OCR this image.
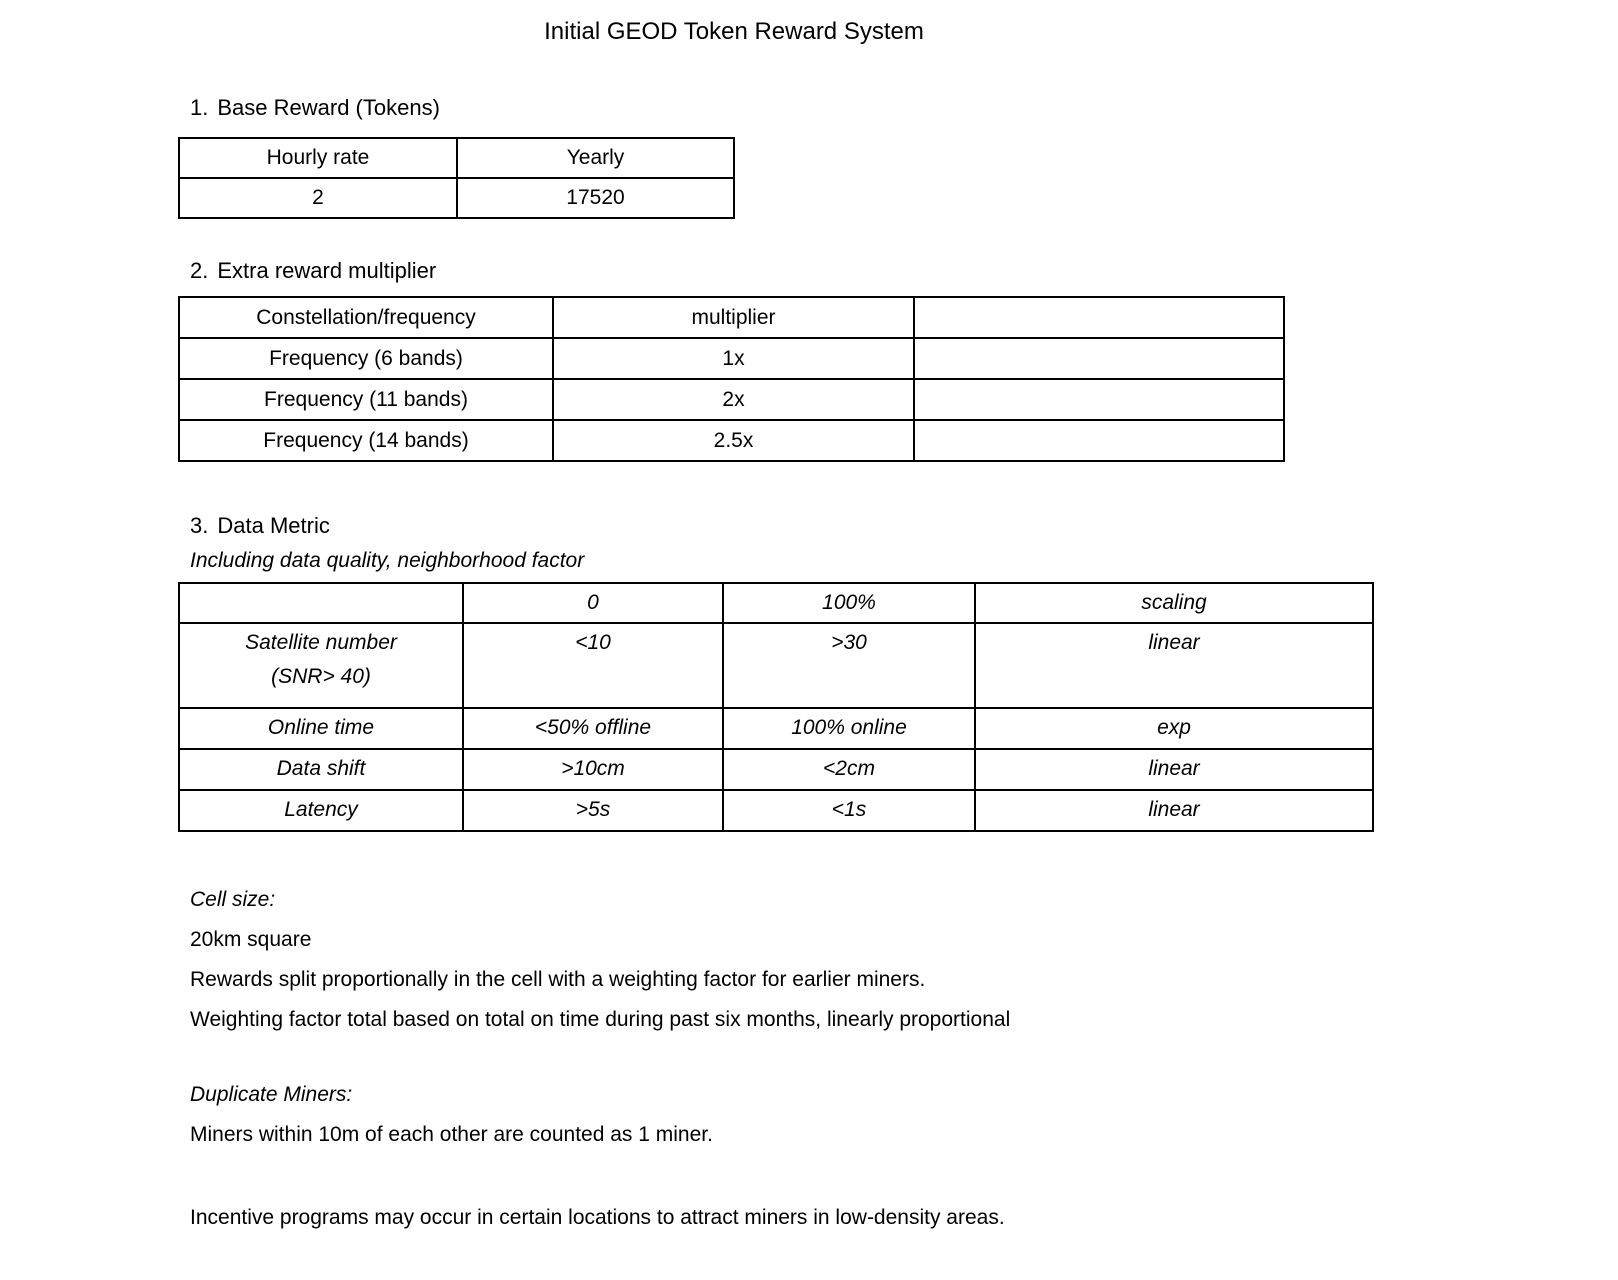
Initial GEOD Token Reward System
1. Base Reward (Tokens)
Hourly rate	Yearly
2	17520
2. Extra reward multiplier
Constellation/frequency	multiplier	
Frequency (6 bands)	1x	
Frequency (11 bands)	2x	
Frequency (14 bands)	2.5x	
3. Data Metric
Including data quality, neighborhood factor
	0	100%	scaling

Satellite number
(SNR> 40)	<10	>30	linear
Online time	<50% offline	100% online	exp
Data shift	>10cm	<2cm	linear
Latency	>5s	<1s	linear
Cell size:
20km square
Rewards split proportionally in the cell with a weighting factor for earlier miners.
Weighting factor total based on total on time during past six months, linearly proportional
Duplicate Miners:
Miners within 10m of each other are counted as 1 miner.
Incentive programs may occur in certain locations to attract miners in low-density areas.
